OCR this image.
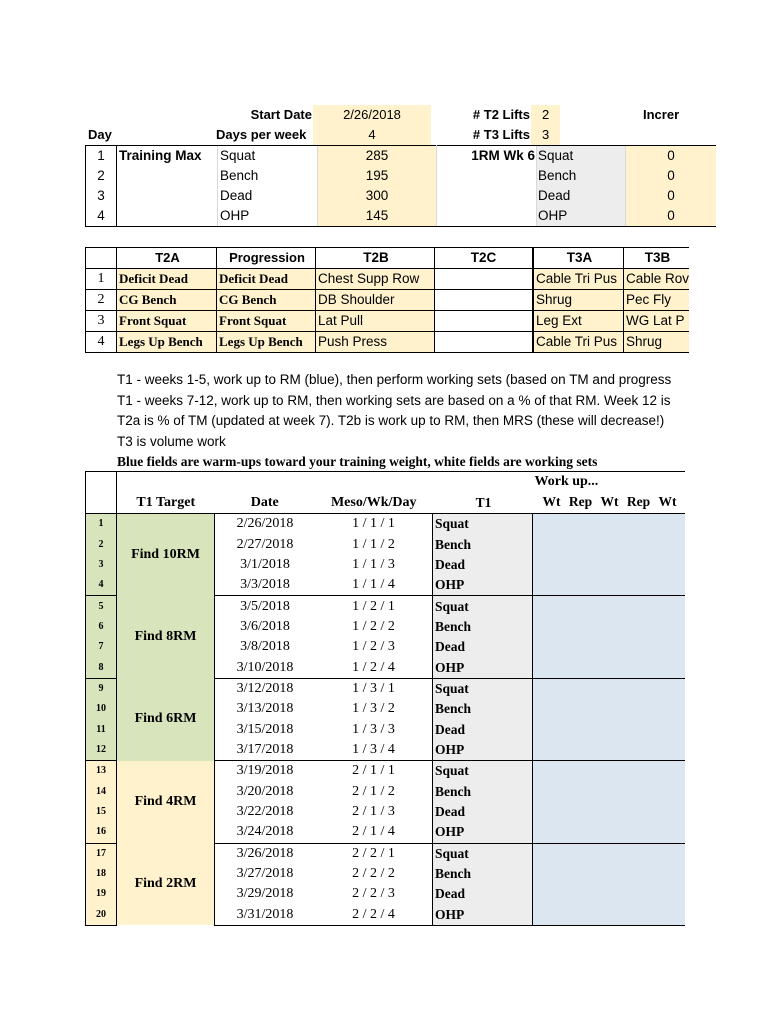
Start Date	2/26/2018	# T2 Lifts 2	Increr
Day	Days per week	4	# T3 Lifts 3
1	Training Max	Squat	285	1RM Wk 6	Squat	0
2		Bench	195		Bench	0
3		Dead	300		Dead	0
4		OHP	145		OHP	0
	T2A	Progression	T2B	T2C	T3A	T3B
1	Deficit Dead	Deficit Dead	Chest Supp Row		Cable Tri Pus	Cable Rov
2	CG Bench	CG Bench	DB Shoulder		Shrug	Pec Fly
3	Front Squat	Front Squat	Lat Pull		Leg Ext	WG Lat P
4	Legs Up Bench	Legs Up Bench	Push Press		Cable Tri Pus	Shrug
T1 - weeks 1-5, work up to RM (blue), then perform working sets (based on TM and progress
T1 - weeks 7-12, work up to RM, then working sets are based on a % of that RM. Week 12 is
T2a is % of TM (updated at week 7). T2b is work up to RM, then MRS (these will decrease!)
T3 is volume work
Blue fields are warm-ups toward your training weight, white fields are working sets
					Work up...
	T1 Target	Date	Meso/Wk/Day	T1	Wt Rep Wt Rep Wt
1	Find 10RM	2/26/2018	1 / 1 / 1	Squat	
2		2/27/2018	1 / 1 / 2	Bench	
3		3/1/2018	1 / 1 / 3	Dead	
4		3/3/2018	1 / 1 / 4	OHP	
5	Find 8RM	3/5/2018	1 / 2 / 1	Squat	
6		3/6/2018	1 / 2 / 2	Bench	
7		3/8/2018	1 / 2 / 3	Dead	
8		3/10/2018	1 / 2 / 4	OHP	
9	Find 6RM	3/12/2018	1 / 3 / 1	Squat	
10		3/13/2018	1 / 3 / 2	Bench	
11		3/15/2018	1 / 3 / 3	Dead	
12		3/17/2018	1 / 3 / 4	OHP	
13	Find 4RM	3/19/2018	2 / 1 / 1	Squat	
14		3/20/2018	2 / 1 / 2	Bench	
15		3/22/2018	2 / 1 / 3	Dead	
16		3/24/2018	2 / 1 / 4	OHP	
17	Find 2RM	3/26/2018	2 / 2 / 1	Squat	
18		3/27/2018	2 / 2 / 2	Bench	
19		3/29/2018	2 / 2 / 3	Dead	
20		3/31/2018	2 / 2 / 4	OHP	
